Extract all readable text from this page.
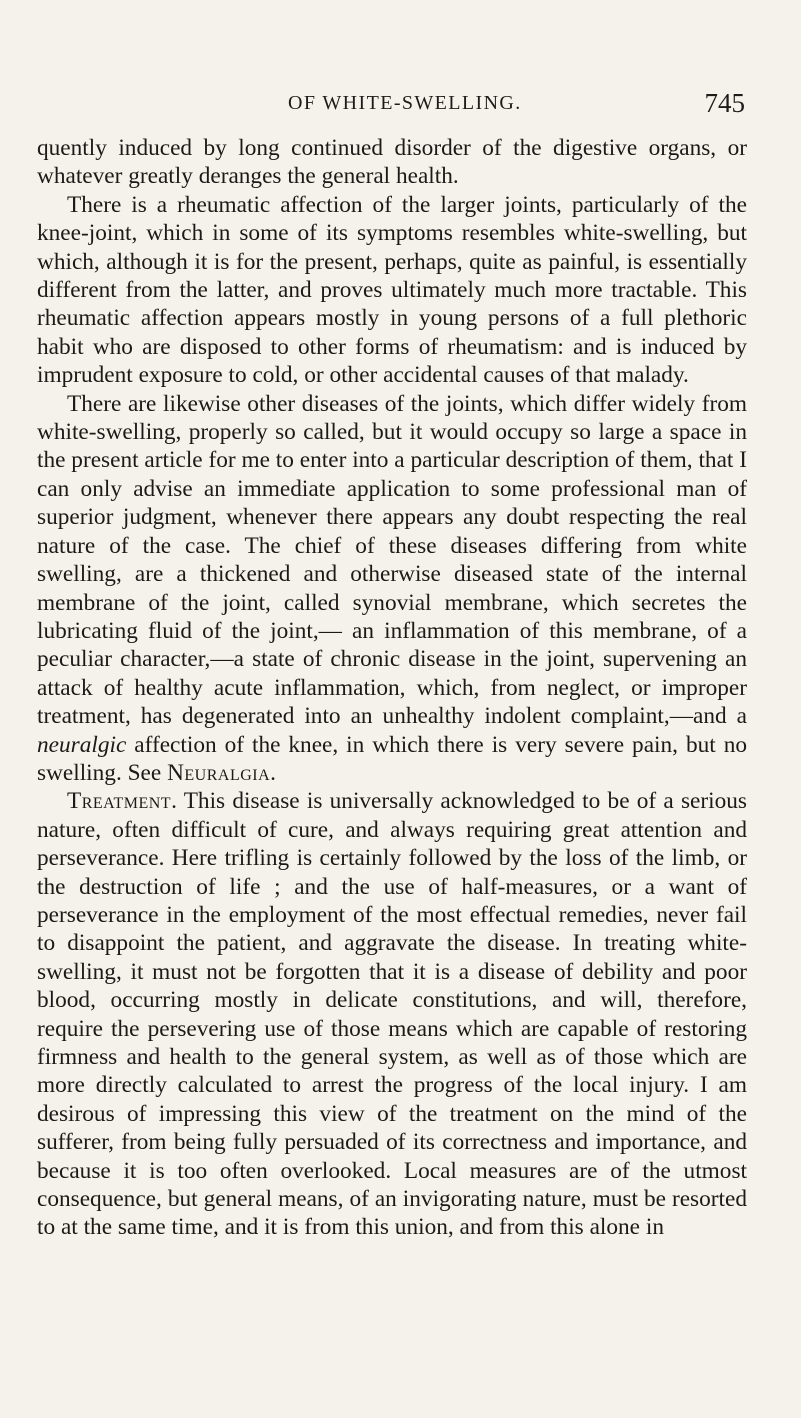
OF WHITE-SWELLING.	745

quently induced by long continued disorder of the digestive organs, or whatever greatly deranges the general health.

There is a rheumatic affection of the larger joints, particularly of the knee-joint, which in some of its symptoms resembles white-swelling, but which, although it is for the present, perhaps, quite as painful, is essentially different from the latter, and proves ultimately much more tractable. This rheumatic affection appears mostly in young persons of a full plethoric habit who are disposed to other forms of rheumatism: and is induced by imprudent exposure to cold, or other accidental causes of that malady.

There are likewise other diseases of the joints, which differ widely from white-swelling, properly so called, but it would occupy so large a space in the present article for me to enter into a particular description of them, that I can only advise an immediate application to some professional man of superior judgment, whenever there appears any doubt respecting the real nature of the case. The chief of these diseases differing from white swelling, are a thickened and otherwise diseased state of the internal membrane of the joint, called synovial membrane, which secretes the lubricating fluid of the joint,— an inflammation of this membrane, of a peculiar character,—a state of chronic disease in the joint, supervening an attack of healthy acute inflammation, which, from neglect, or improper treatment, has degenerated into an unhealthy indolent complaint,—and a neuralgic affection of the knee, in which there is very severe pain, but no swelling. See Neuralgia.

Treatment. This disease is universally acknowledged to be of a serious nature, often difficult of cure, and always requiring great attention and perseverance. Here trifling is certainly followed by the loss of the limb, or the destruction of life ; and the use of half-measures, or a want of perseverance in the employment of the most effectual remedies, never fail to disappoint the patient, and aggravate the disease. In treating white-swelling, it must not be forgotten that it is a disease of debility and poor blood, occurring mostly in delicate constitutions, and will, therefore, require the persevering use of those means which are capable of restoring firmness and health to the general system, as well as of those which are more directly calculated to arrest the progress of the local injury. I am desirous of impressing this view of the treatment on the mind of the sufferer, from being fully persuaded of its correctness and importance, and because it is too often overlooked. Local measures are of the utmost consequence, but general means, of an invigorating nature, must be resorted to at the same time, and it is from this union, and from this alone in
